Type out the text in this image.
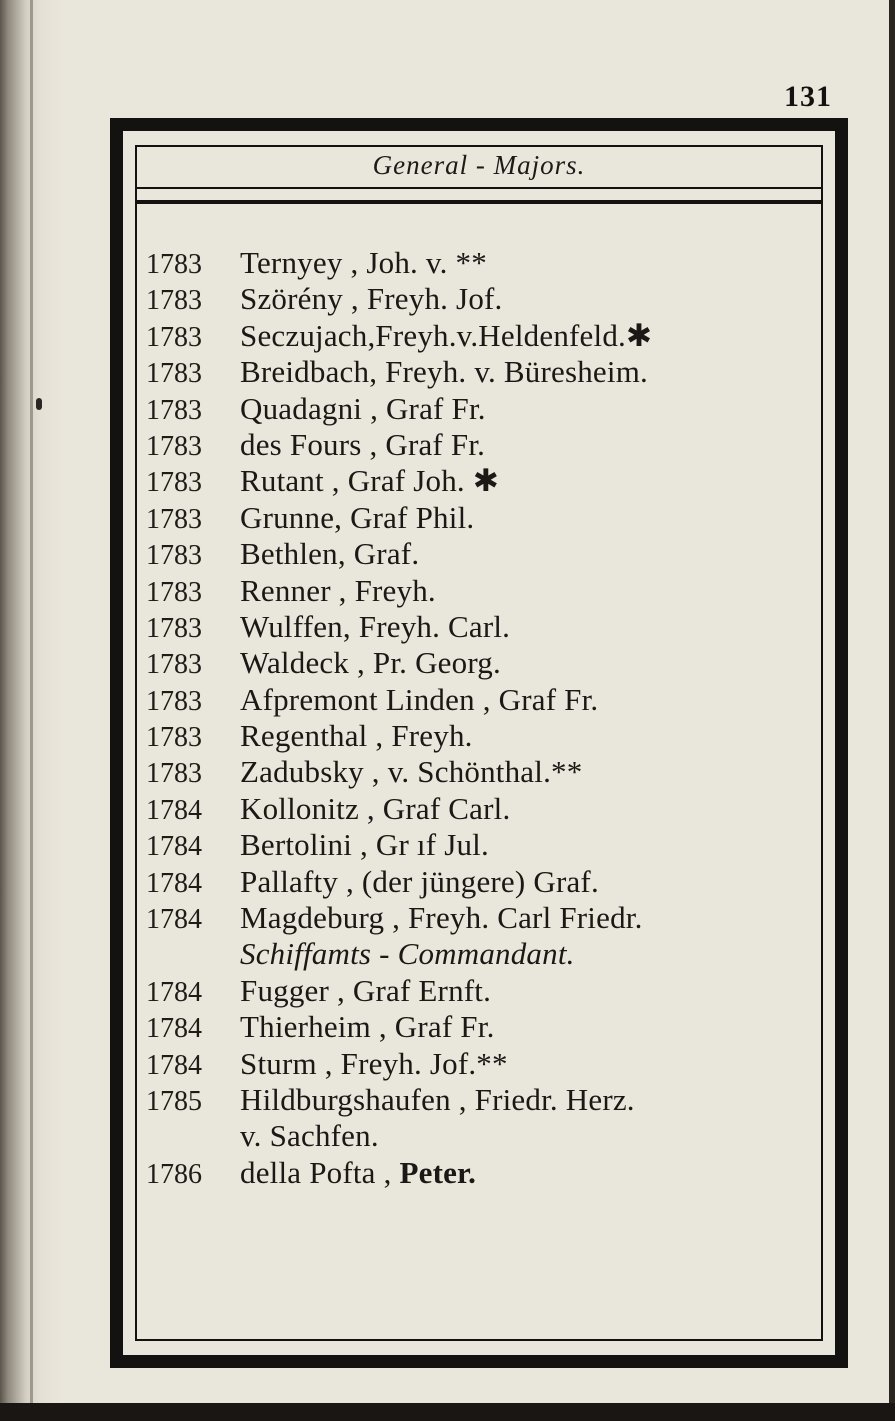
131
General - Majors.
1783	Ternyey , Joh. v. **
1783	Szörény , Freyh. Jof.
1783	Seczujach,Freyh.v.Heldenfeld.✱
1783	Breidbach, Freyh. v. Büresheim.
1783	Quadagni , Graf Fr.
1783	des Fours , Graf Fr.
1783	Rutant , Graf Joh. ✱
1783	Grunne, Graf Phil.
1783	Bethlen, Graf.
1783	Renner , Freyh.
1783	Wulffen, Freyh. Carl.
1783	Waldeck , Pr. Georg.
1783	Afpremont Linden , Graf Fr.
1783	Regenthal , Freyh.
1783	Zadubsky , v. Schönthal.**
1784	Kollonitz , Graf Carl.
1784	Bertolini , Gr ıf Jul.
1784	Pallafty , (der jüngere) Graf.
1784	Magdeburg , Freyh. Carl Friedr.
Schiffamts - Commandant.
1784	Fugger , Graf Ernft.
1784	Thierheim , Graf Fr.
1784	Sturm , Freyh. Jof.**
1785	Hildburgshaufen , Friedr. Herz.
v. Sachfen.
1786	della Pofta , Peter.
